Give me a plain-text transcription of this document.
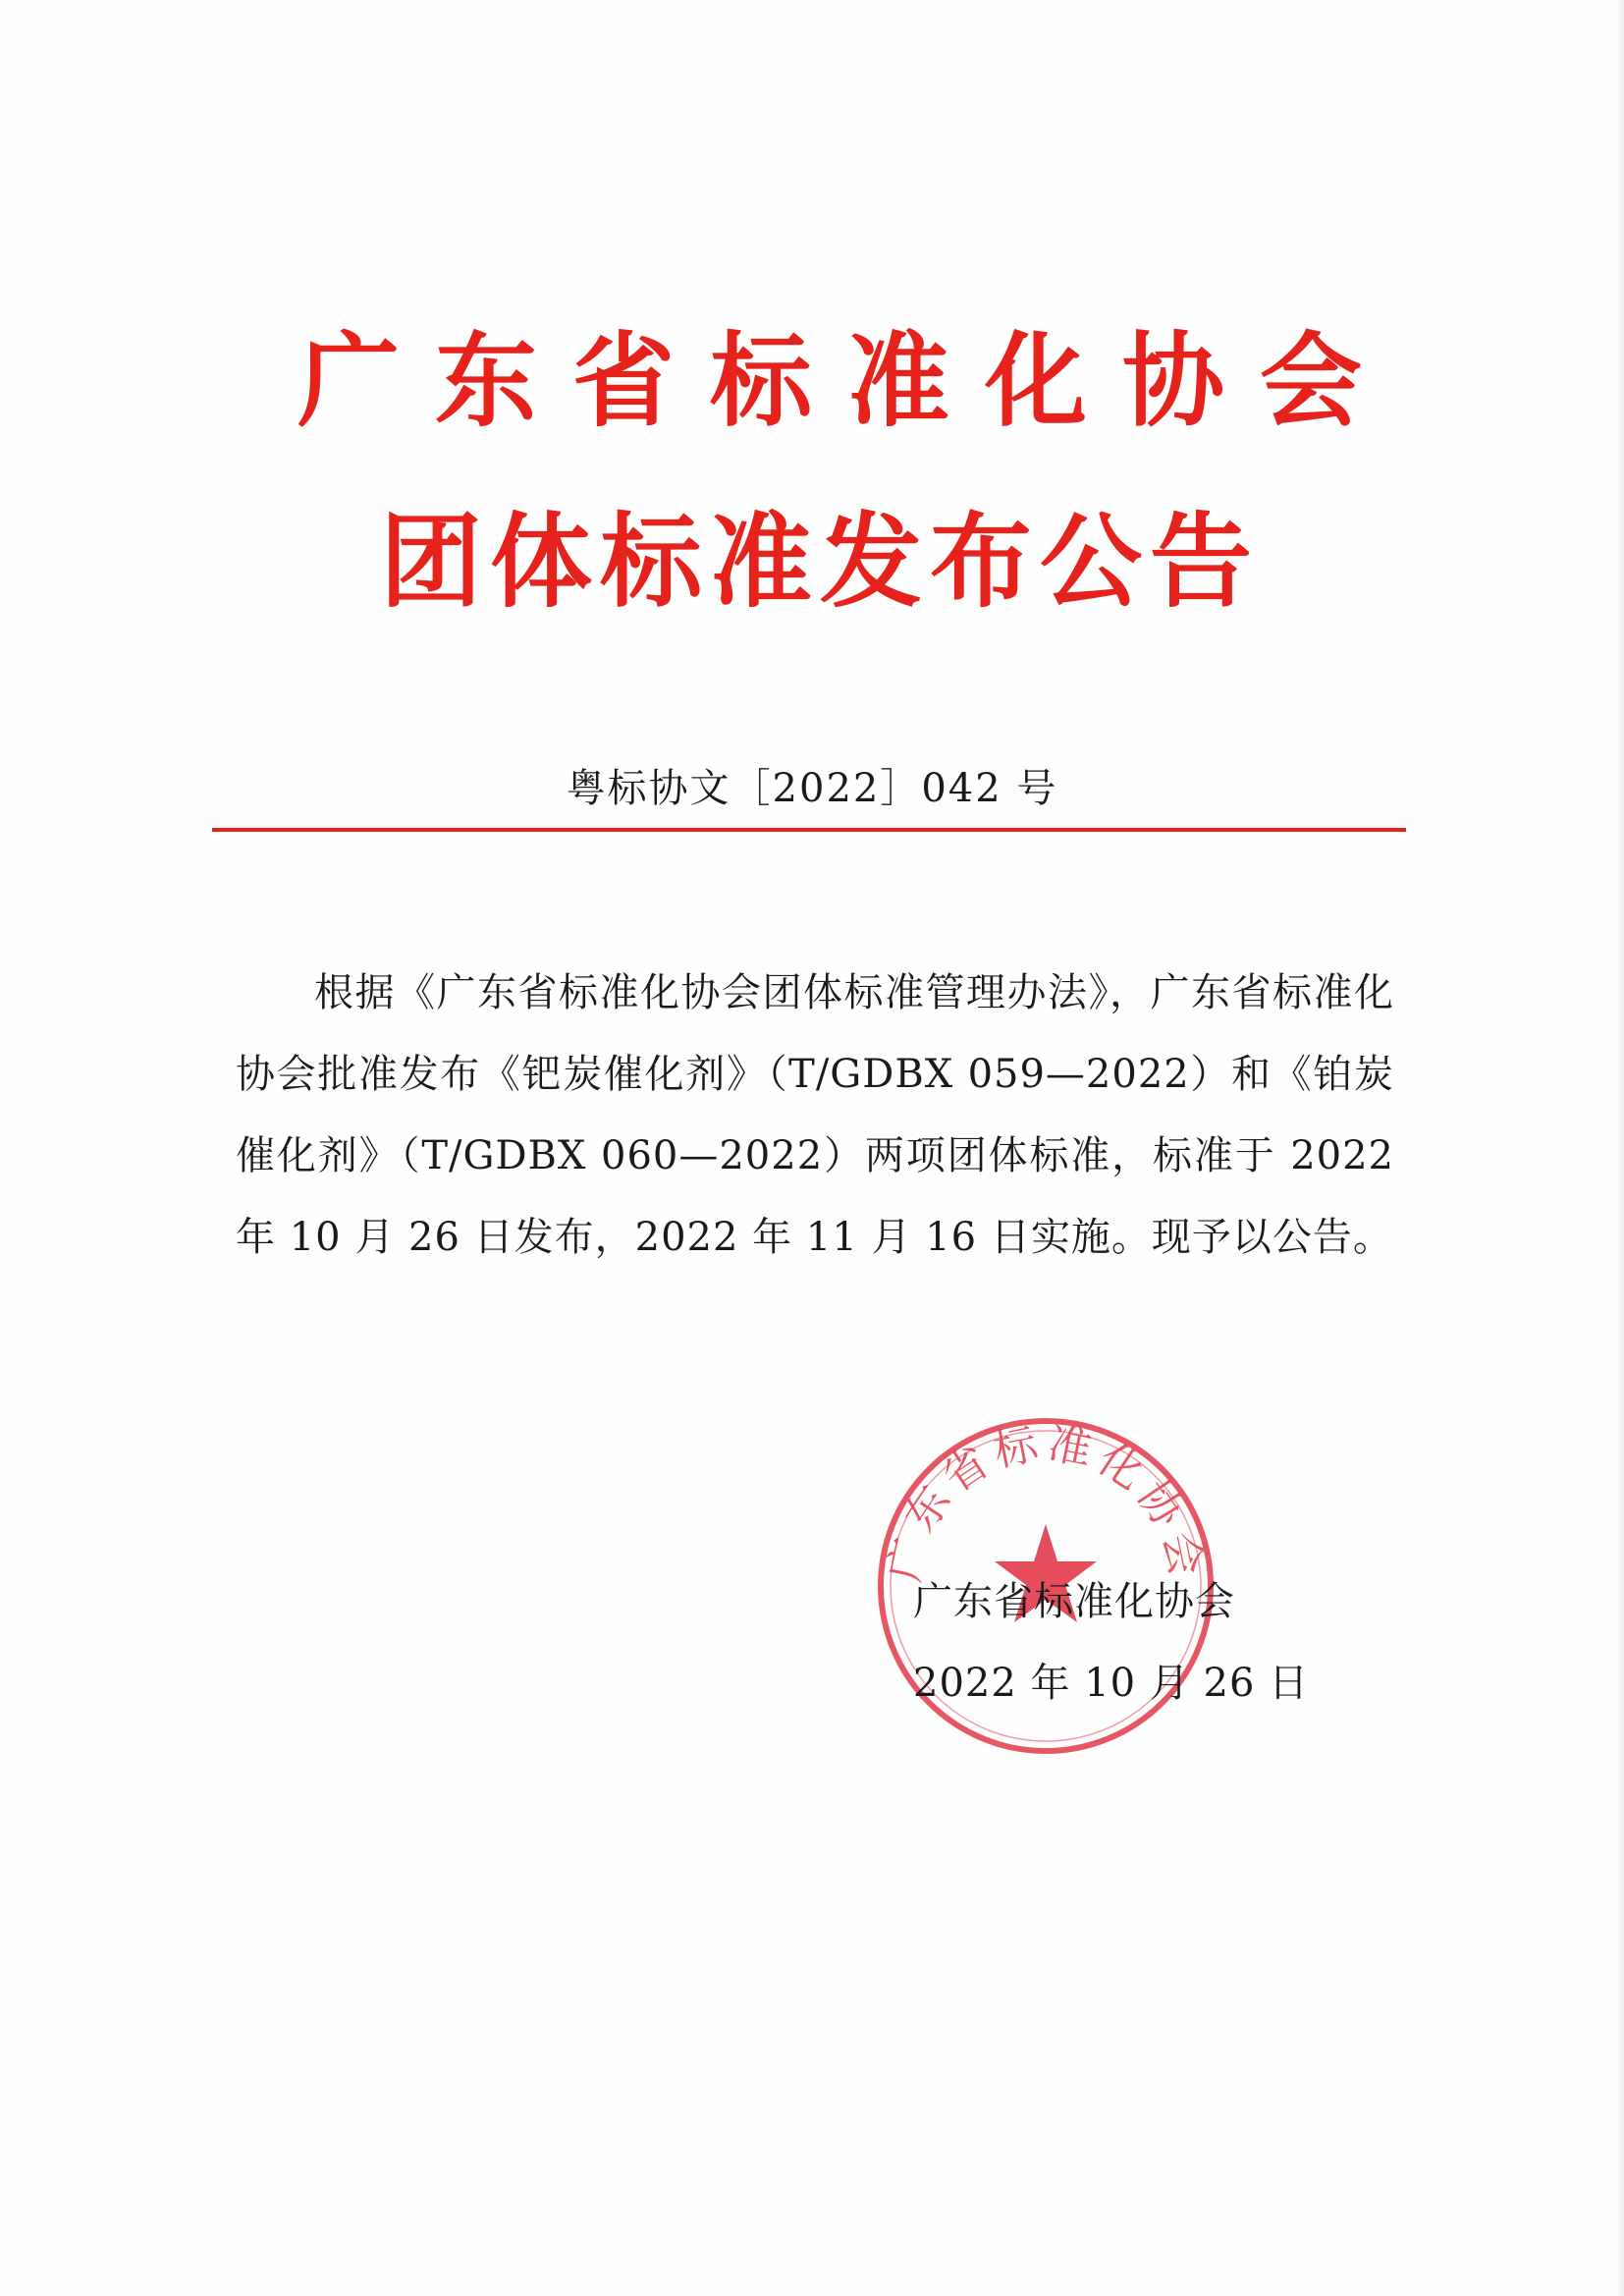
广东省标准化协会
团体标准发布公告
粤标协文［2022］042 号

根据《广东省标准化协会团体标准管理办法》，广东省标准化协会批准发布《钯炭催化剂》（T/GDBX 059—2022）和《铂炭催化剂》（T/GDBX 060—2022）两项团体标准，标准于 2022 年 10 月 26 日发布，2022 年 11 月 16 日实施。现予以公告。

广东省标准化协会
广东省标准化协会
2022 年 10 月 26 日
